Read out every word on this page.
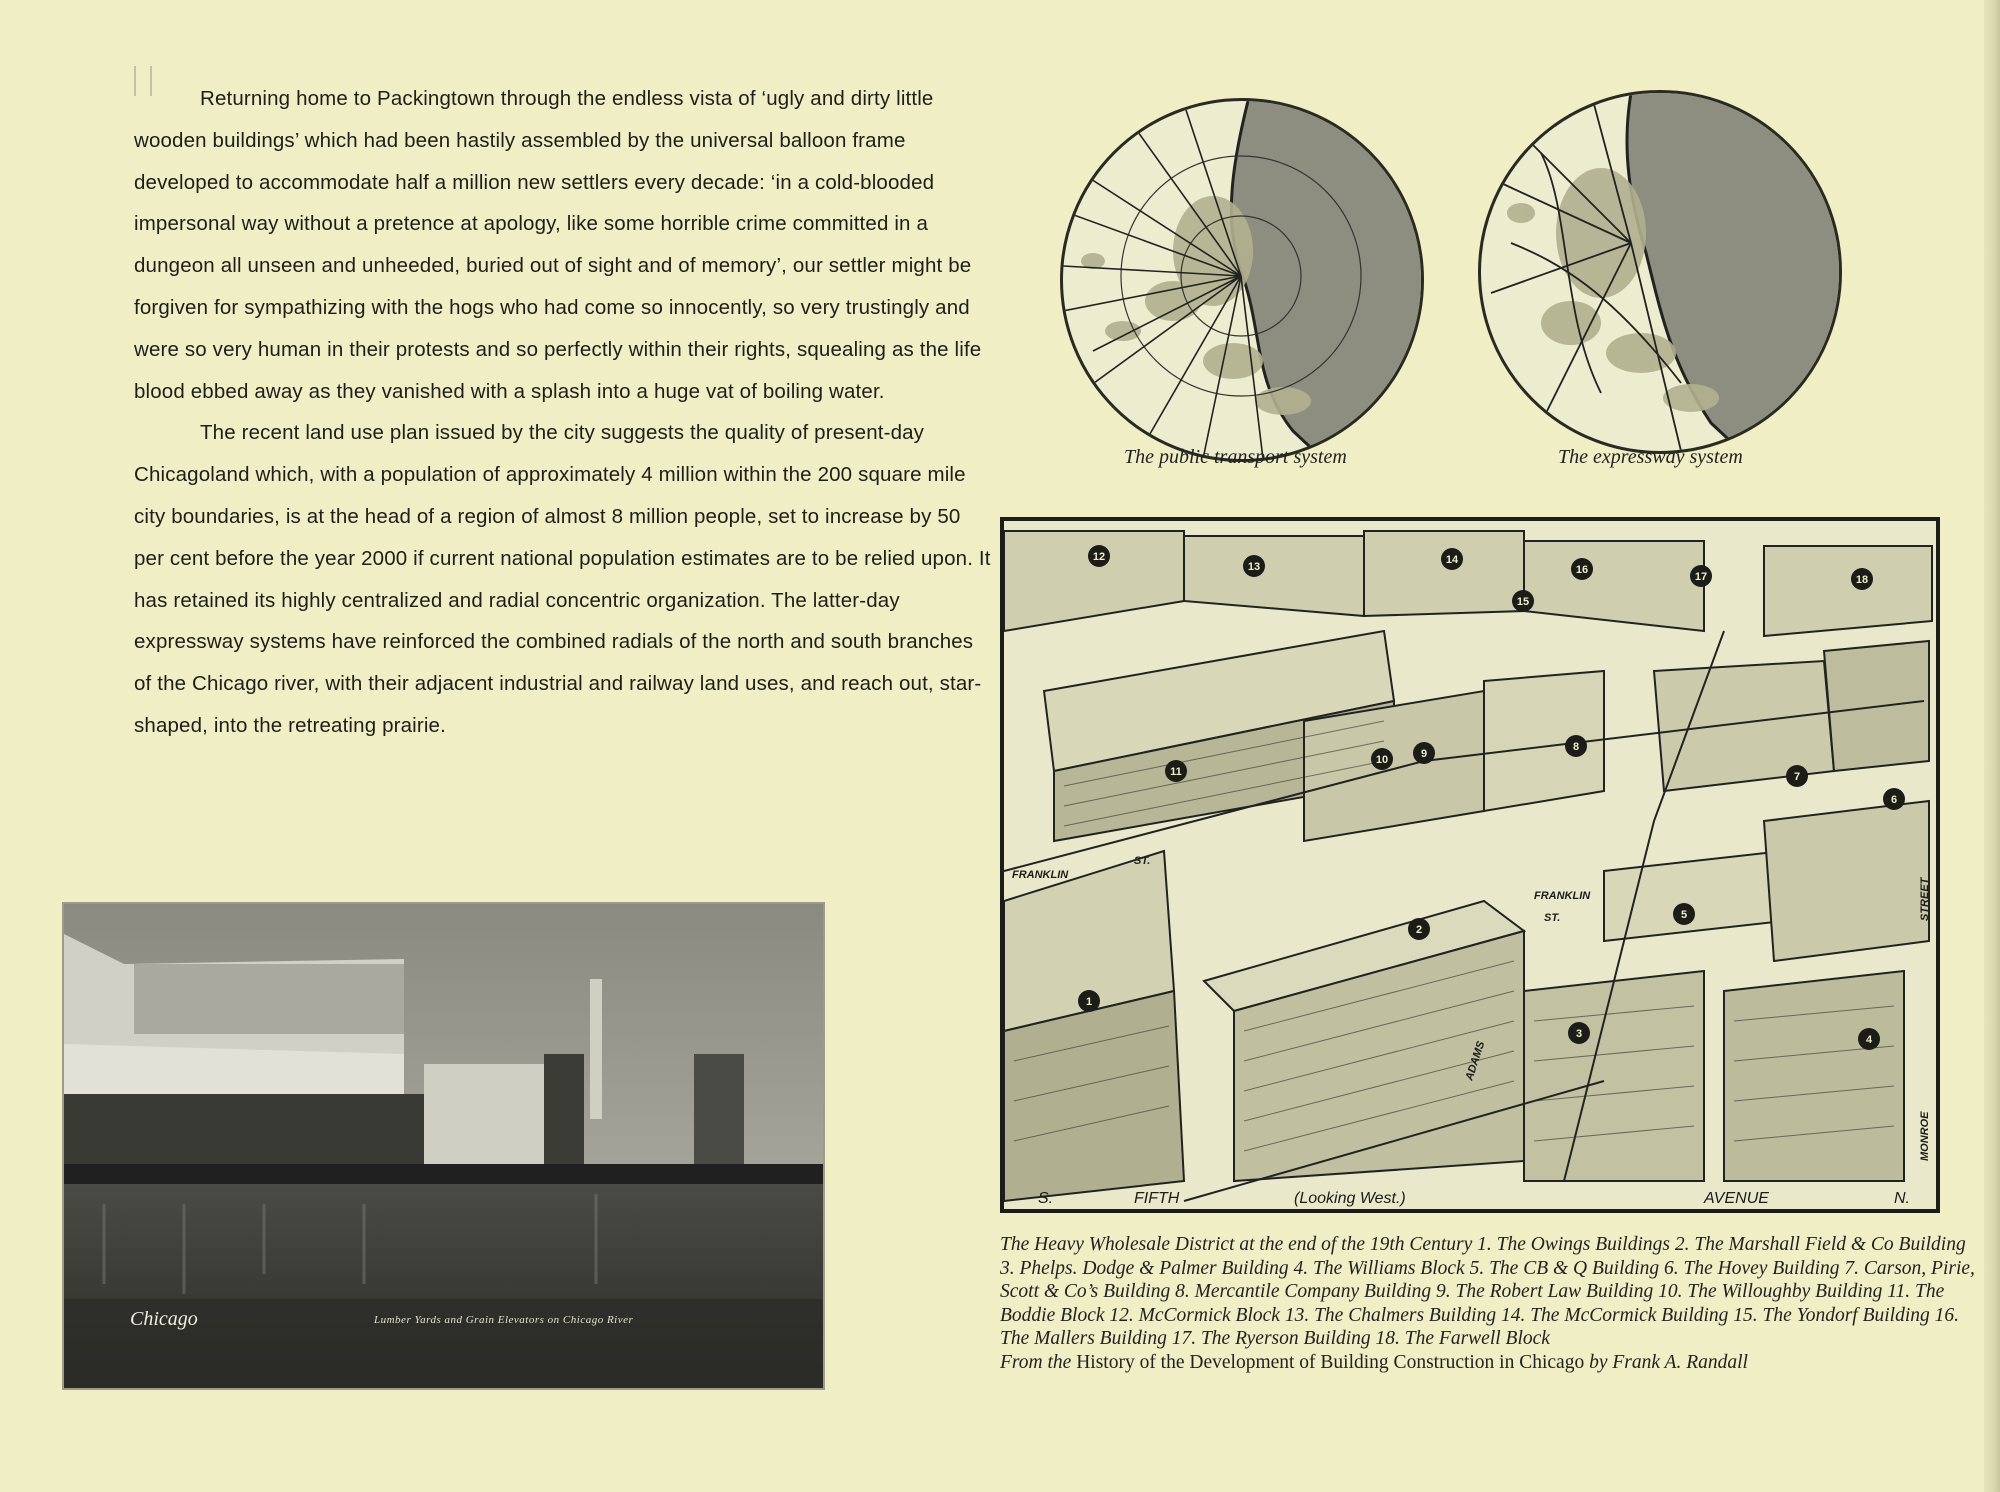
Returning home to Packingtown through the endless vista of ‘ugly and dirty little wooden buildings’ which had been hastily assembled by the universal balloon frame developed to accommodate half a million new settlers every decade: ‘in a cold-blooded impersonal way without a pretence at apology, like some horrible crime committed in a dungeon all unseen and unheeded, buried out of sight and of memory’, our settler might be forgiven for sympathizing with the hogs who had come so innocently, so very trustingly and were so very human in their protests and so perfectly within their rights, squealing as the life blood ebbed away as they vanished with a splash into a huge vat of boiling water.

The recent land use plan issued by the city suggests the quality of present-day Chicagoland which, with a population of approximately 4 million within the 200 square mile city boundaries, is at the head of a region of almost 8 million people, set to increase by 50 per cent before the year 2000 if current national population estimates are to be relied upon. It has retained its highly centralized and radial concentric organization. The latter-day expressway systems have reinforced the combined radials of the north and south branches of the Chicago river, with their adjacent industrial and railway land uses, and reach out, star-shaped, into the retreating prairie.

The public transport system	The expressway system
FRANKLIN
ST.
FRANKLIN
ST.
ADAMS
STREET
MONROE
S.	FIFTH	(Looking West.)	AVENUE	N.
1
2
3	4
5
6
7
8
9
10
11
12
13
14
15
16
17	18
The Heavy Wholesale District at the end of the 19th Century 1. The Owings Buildings 2. The Marshall Field & Co Building 3. Phelps. Dodge & Palmer Building 4. The Williams Block 5. The CB & Q Building 6. The Hovey Building 7. Carson, Pirie, Scott & Co’s Building 8. Mercantile Company Building 9. The Robert Law Building 10. The Willoughby Building 11. The Boddie Block 12. McCormick Block 13. The Chalmers Building 14. The McCormick Building 15. The Yondorf Building 16. The Mallers Building 17. The Ryerson Building 18. The Farwell Block
From the History of the Development of Building Construction in Chicago by Frank A. Randall
Chicago	Lumber Yards and Grain Elevators on Chicago River
